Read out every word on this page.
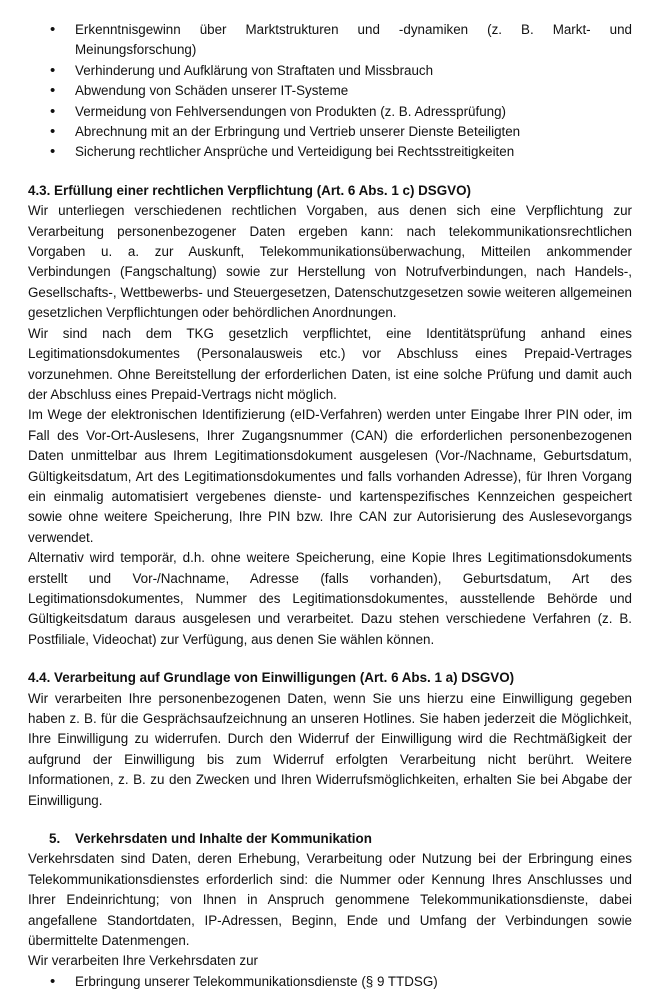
• Erkenntnisgewinn über Marktstrukturen und -dynamiken (z. B. Markt- und Meinungsforschung)
• Verhinderung und Aufklärung von Straftaten und Missbrauch
• Abwendung von Schäden unserer IT-Systeme
• Vermeidung von Fehlversendungen von Produkten (z. B. Adressprüfung)
• Abrechnung mit an der Erbringung und Vertrieb unserer Dienste Beteiligten
• Sicherung rechtlicher Ansprüche und Verteidigung bei Rechtsstreitigkeiten
4.3. Erfüllung einer rechtlichen Verpflichtung (Art. 6 Abs. 1 c) DSGVO)

Wir unterliegen verschiedenen rechtlichen Vorgaben, aus denen sich eine Verpflichtung zur Verarbeitung personenbezogener Daten ergeben kann: nach telekommunikationsrechtlichen Vorgaben u. a. zur Auskunft, Telekommunikationsüberwachung, Mitteilen ankommender Verbindungen (Fangschaltung) sowie zur Herstellung von Notrufverbindungen, nach Handels-, Gesellschafts-, Wettbewerbs- und Steuergesetzen, Datenschutzgesetzen sowie weiteren allgemeinen gesetzlichen Verpflichtungen oder behördlichen Anordnungen.

Wir sind nach dem TKG gesetzlich verpflichtet, eine Identitätsprüfung anhand eines Legitimationsdokumentes (Personalausweis etc.) vor Abschluss eines Prepaid-Vertrages vorzunehmen. Ohne Bereitstellung der erforderlichen Daten, ist eine solche Prüfung und damit auch der Abschluss eines Prepaid-Vertrags nicht möglich.

Im Wege der elektronischen Identifizierung (eID-Verfahren) werden unter Eingabe Ihrer PIN oder, im Fall des Vor-Ort-Auslesens, Ihrer Zugangsnummer (CAN) die erforderlichen personenbezogenen Daten unmittelbar aus Ihrem Legitimationsdokument ausgelesen (Vor-/Nachname, Geburtsdatum, Gültigkeitsdatum, Art des Legitimationsdokumentes und falls vorhanden Adresse), für Ihren Vorgang ein einmalig automatisiert vergebenes dienste- und kartenspezifisches Kennzeichen gespeichert sowie ohne weitere Speicherung, Ihre PIN bzw. Ihre CAN zur Autorisierung des Auslesevorgangs verwendet.

Alternativ wird temporär, d.h. ohne weitere Speicherung, eine Kopie Ihres Legitimationsdokuments erstellt und Vor-/Nachname, Adresse (falls vorhanden), Geburtsdatum, Art des Legitimationsdokumentes, Nummer des Legitimationsdokumentes, ausstellende Behörde und Gültigkeitsdatum daraus ausgelesen und verarbeitet. Dazu stehen verschiedene Verfahren (z. B. Postfiliale, Videochat) zur Verfügung, aus denen Sie wählen können.

4.4. Verarbeitung auf Grundlage von Einwilligungen (Art. 6 Abs. 1 a) DSGVO)

Wir verarbeiten Ihre personenbezogenen Daten, wenn Sie uns hierzu eine Einwilligung gegeben haben z. B. für die Gesprächsaufzeichnung an unseren Hotlines. Sie haben jederzeit die Möglichkeit, Ihre Einwilligung zu widerrufen. Durch den Widerruf der Einwilligung wird die Rechtmäßigkeit der aufgrund der Einwilligung bis zum Widerruf erfolgten Verarbeitung nicht berührt. Weitere Informationen, z. B. zu den Zwecken und Ihren Widerrufsmöglichkeiten, erhalten Sie bei Abgabe der Einwilligung.

5. Verkehrsdaten und Inhalte der Kommunikation

Verkehrsdaten sind Daten, deren Erhebung, Verarbeitung oder Nutzung bei der Erbringung eines Telekommunikationsdienstes erforderlich sind: die Nummer oder Kennung Ihres Anschlusses und Ihrer Endeinrichtung; von Ihnen in Anspruch genommene Telekommunikationsdienste, dabei angefallene Standortdaten, IP-Adressen, Beginn, Ende und Umfang der Verbindungen sowie übermittelte Datenmengen.

Wir verarbeiten Ihre Verkehrsdaten zur

• Erbringung unserer Telekommunikationsdienste (§ 9 TTDSG)
